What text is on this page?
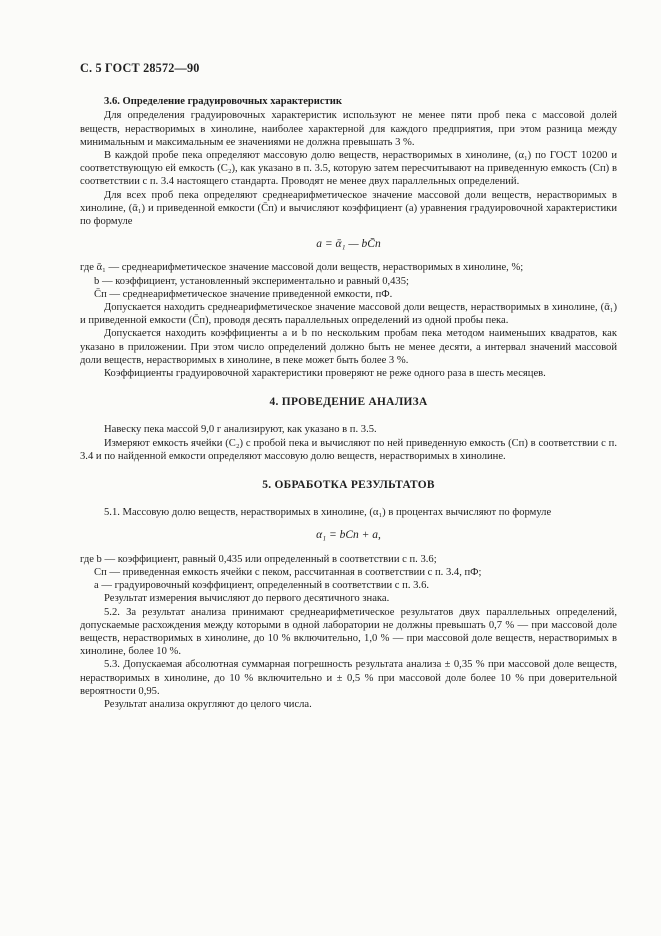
С. 5 ГОСТ 28572—90
3.6. Определение градуировочных характеристик

Для определения градуировочных характеристик используют не менее пяти проб пека с массовой долей веществ, нерастворимых в хинолине, наиболее характерной для каждого предприятия, при этом разница между минимальным и максимальным ее значениями не должна превышать 3 %.

В каждой пробе пека определяют массовую долю веществ, нерастворимых в хинолине, (α₁) по ГОСТ 10200 и соответствующую ей емкость (C₂), как указано в п. 3.5, которую затем пересчитывают на приведенную емкость (Cп) в соответствии с п. 3.4 настоящего стандарта. Проводят не менее двух параллельных определений.

Для всех проб пека определяют среднеарифметическое значение массовой доли веществ, нерастворимых в хинолине, (ᾱ₁) и приведенной емкости (C̄п) и вычисляют коэффициент (a) уравнения градуировочной характеристики по формуле

a = ᾱ₁ — bC̄п

где ᾱ₁ — среднеарифметическое значение массовой доли веществ, нерастворимых в хинолине, %;

b — коэффициент, установленный экспериментально и равный 0,435;

C̄п — среднеарифметическое значение приведенной емкости, пФ.

Допускается находить среднеарифметическое значение массовой доли веществ, нерастворимых в хинолине, (ᾱ₁) и приведенной емкости (C̄п), проводя десять параллельных определений из одной пробы пека.

Допускается находить коэффициенты a и b по нескольким пробам пека методом наименьших квадратов, как указано в приложении. При этом число определений должно быть не менее десяти, а интервал значений массовой доли веществ, нерастворимых в хинолине, в пеке может быть более 3 %.

Коэффициенты градуировочной характеристики проверяют не реже одного раза в шесть месяцев.

4. ПРОВЕДЕНИЕ АНАЛИЗА

Навеску пека массой 9,0 г анализируют, как указано в п. 3.5.

Измеряют емкость ячейки (C₂) с пробой пека и вычисляют по ней приведенную емкость (Cп) в соответствии с п. 3.4 и по найденной емкости определяют массовую долю веществ, нерастворимых в хинолине.

5. ОБРАБОТКА РЕЗУЛЬТАТОВ

5.1. Массовую долю веществ, нерастворимых в хинолине, (α₁) в процентах вычисляют по формуле

α₁ = bCп + a,

где b — коэффициент, равный 0,435 или определенный в соответствии с п. 3.6;

Cп — приведенная емкость ячейки с пеком, рассчитанная в соответствии с п. 3.4, пФ;

a — градуировочный коэффициент, определенный в соответствии с п. 3.6.

Результат измерения вычисляют до первого десятичного знака.

5.2. За результат анализа принимают среднеарифметическое результатов двух параллельных определений, допускаемые расхождения между которыми в одной лаборатории не должны превышать 0,7 % — при массовой доле веществ, нерастворимых в хинолине, до 10 % включительно, 1,0 % — при массовой доле веществ, нерастворимых в хинолине, более 10 %.

5.3. Допускаемая абсолютная суммарная погрешность результата анализа ± 0,35 % при массовой доле веществ, нерастворимых в хинолине, до 10 % включительно и ± 0,5 % при массовой доле более 10 % при доверительной вероятности 0,95.

Результат анализа округляют до целого числа.
